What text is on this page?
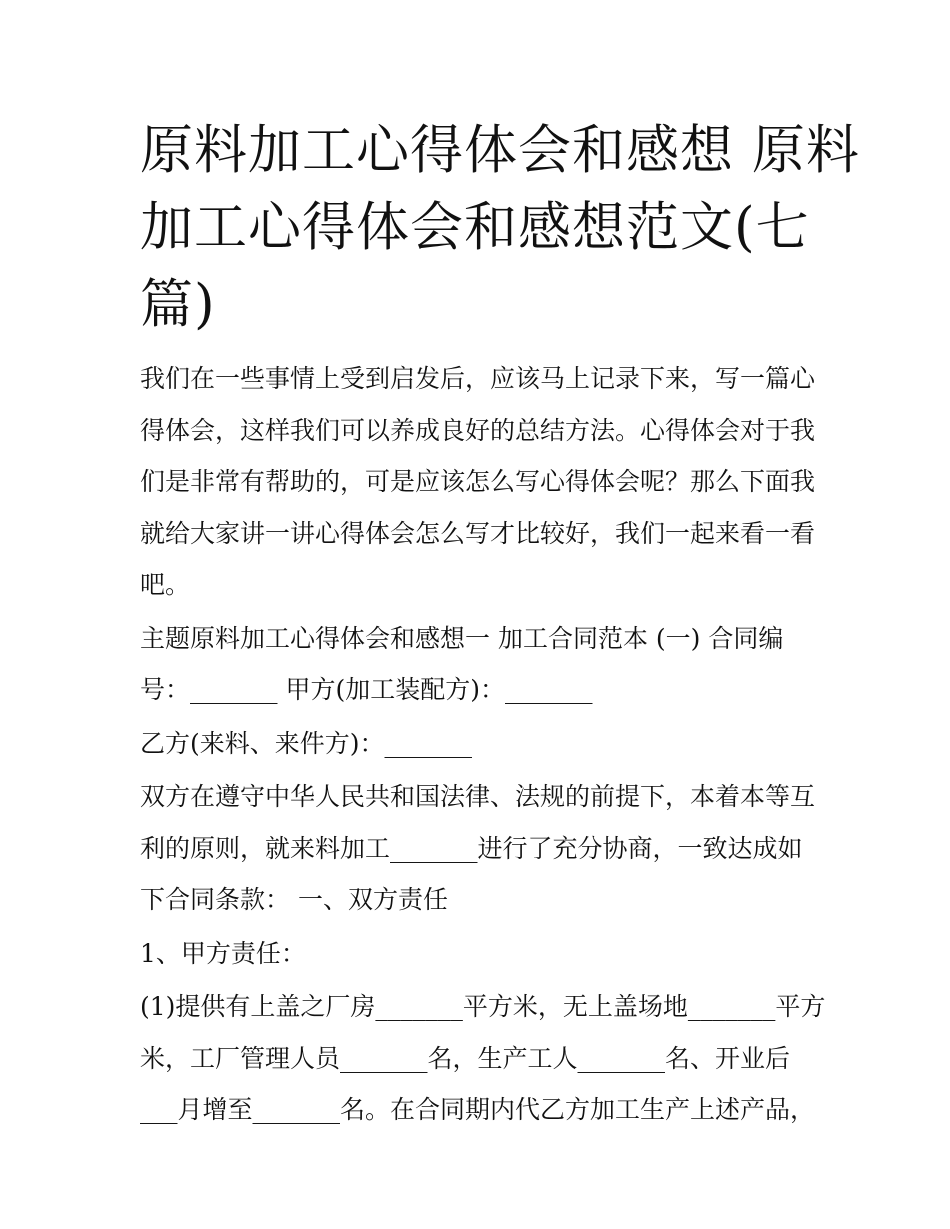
原料加工心得体会和感想 原料
加工心得体会和感想范文(七
篇)

我们在一些事情上受到启发后，应该马上记录下来，写一篇心
得体会，这样我们可以养成良好的总结方法。心得体会对于我
们是非常有帮助的，可是应该怎么写心得体会呢？那么下面我
就给大家讲一讲心得体会怎么写才比较好，我们一起来看一看
吧。

主题原料加工心得体会和感想一 加工合同范本 (一) 合同编
号：_______ 甲方(加工装配方)：_______

乙方(来料、来件方)：_______

双方在遵守中华人民共和国法律、法规的前提下，本着本等互
利的原则，就来料加工_______进行了充分协商，一致达成如
下合同条款： 一、双方责任

1、甲方责任：

(1)提供有上盖之厂房_______平方米，无上盖场地_______平方
米，工厂管理人员_______名，生产工人_______名、开业后
___月增至_______名。在合同期内代乙方加工生产上述产品，
